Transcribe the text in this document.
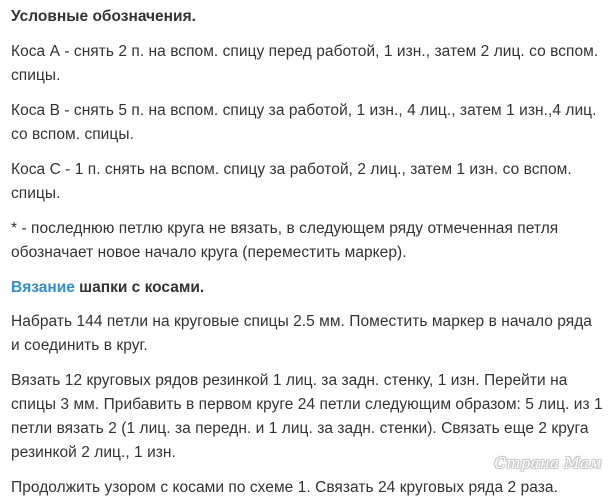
Условные обозначения.

Коса А - снять 2 п. на вспом. спицу перед работой, 1 изн., затем 2 лиц. со вспом. спицы.

Коса В - снять 5 п. на вспом. спицу за работой, 1 изн., 4 лиц., затем 1 изн.,4 лиц. со вспом. спицы.

Коса С - 1 п. снять на вспом. спицу за работой, 2 лиц., затем 1 изн. со вспом. спицы.

* - последнюю петлю круга не вязать, в следующем ряду отмеченная петля обозначает новое начало круга (переместить маркер).

Вязание шапки с косами.

Набрать 144 петли на круговые спицы 2.5 мм. Поместить маркер в начало ряда и соединить в круг.

Вязать 12 круговых рядов резинкой 1 лиц. за задн. стенку, 1 изн. Перейти на спицы 3 мм. Прибавить в первом круге 24 петли следующим образом: 5 лиц. из 1 петли вязать 2 (1 лиц. за передн. и 1 лиц. за задн. стенки). Связать еще 2 круга резинкой 2 лиц., 1 изн.

Продолжить узором с косами по схеме 1. Связать 24 круговых ряда 2 раза.

Страна Мам
